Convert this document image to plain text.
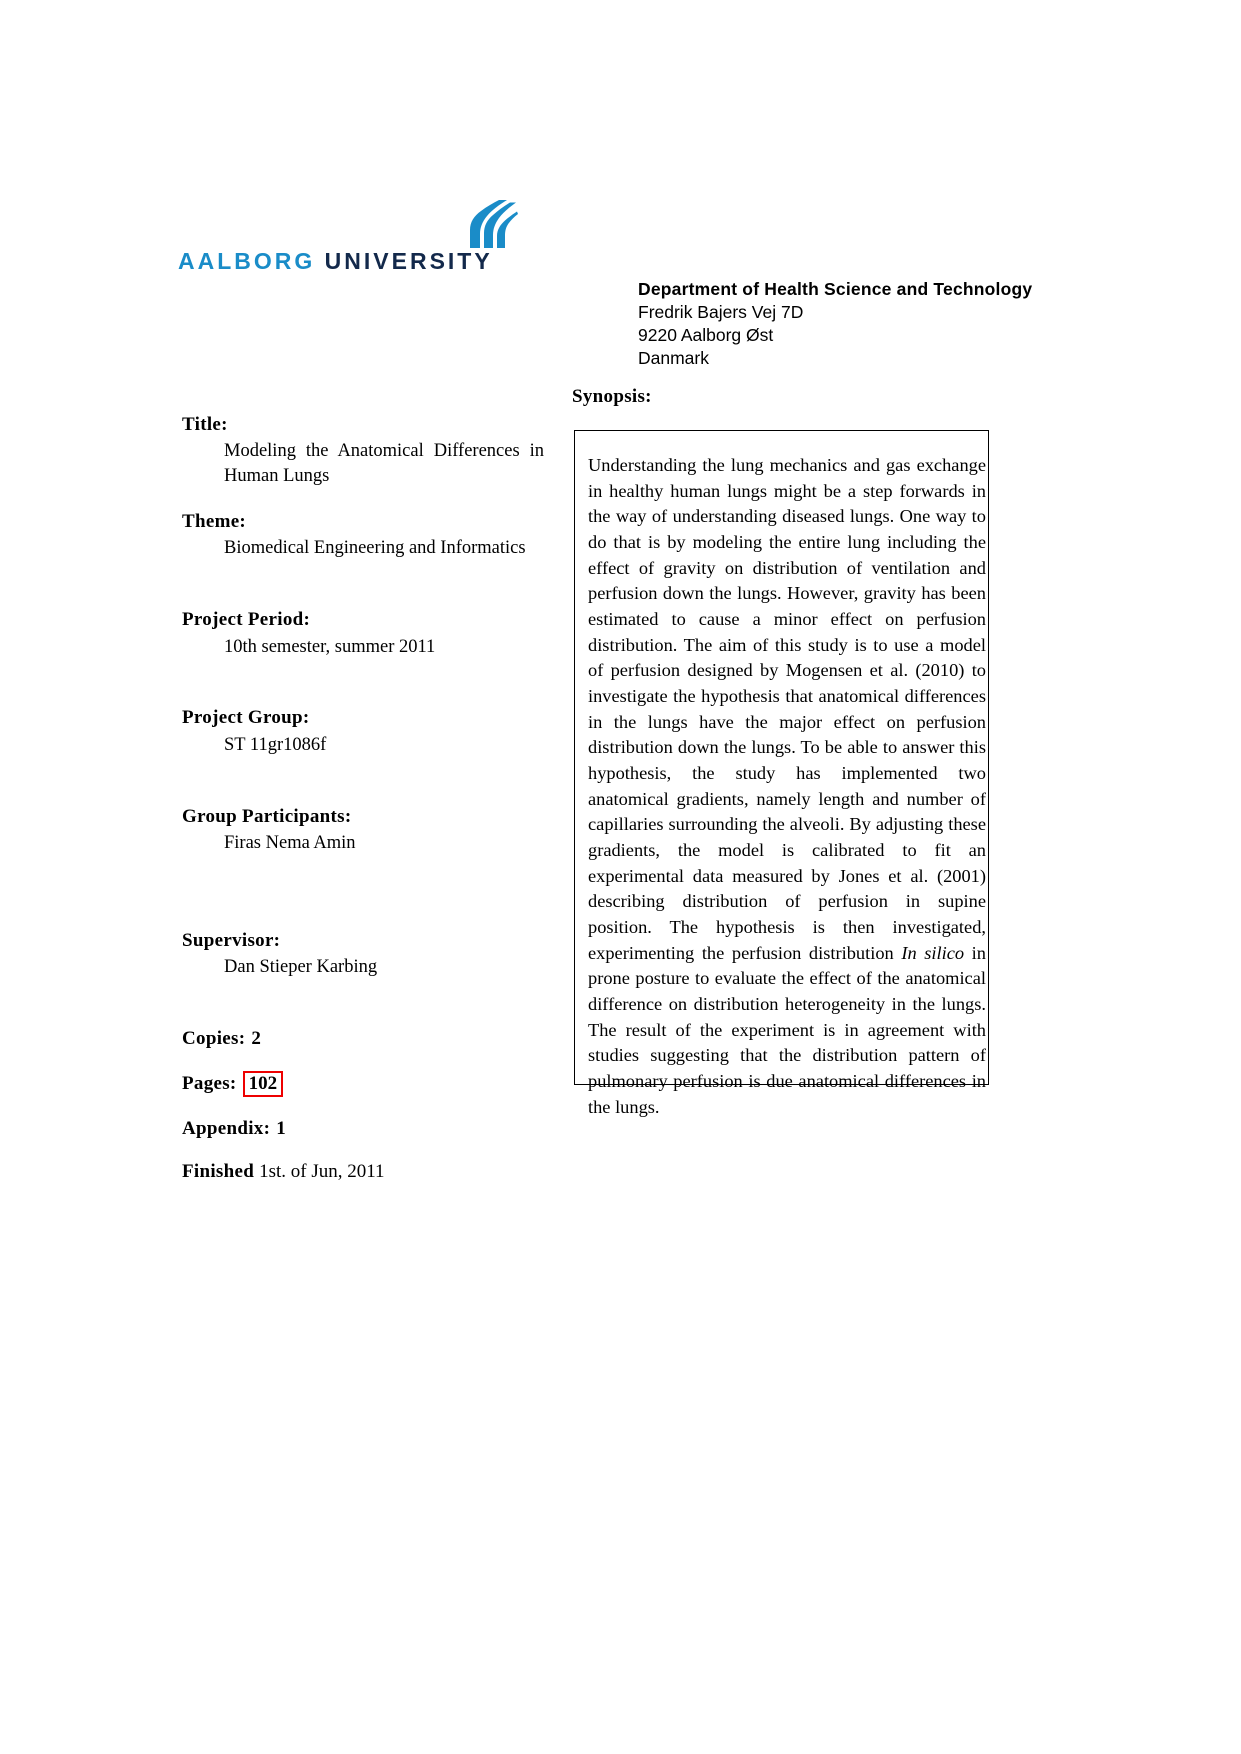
AALBORG UNIVERSITY
Department of Health Science and Technology
Fredrik Bajers Vej 7D
9220 Aalborg Øst
Danmark
Title:
Modeling the Anatomical Differences in Human Lungs
Theme:
Biomedical Engineering and Informatics
Project Period:
10th semester, summer 2011
Project Group:
ST 11gr1086f
Group Participants:
Firas Nema Amin
Supervisor:
Dan Stieper Karbing
Copies: 2
Pages: 102
Appendix: 1
Finished 1st. of Jun, 2011
Synopsis:
Understanding the lung mechanics and gas exchange in healthy human lungs might be a step forwards in the way of understanding diseased lungs. One way to do that is by modeling the entire lung including the effect of gravity on distribution of ventilation and perfusion down the lungs. However, gravity has been estimated to cause a minor effect on perfusion distribution. The aim of this study is to use a model of perfusion designed by Mogensen et al. (2010) to investigate the hypothesis that anatomical differences in the lungs have the major effect on perfusion distribution down the lungs. To be able to answer this hypothesis, the study has implemented two anatomical gradients, namely length and number of capillaries surrounding the alveoli. By adjusting these gradients, the model is calibrated to fit an experimental data measured by Jones et al. (2001) describing distribution of perfusion in supine position. The hypothesis is then investigated, experimenting the perfusion distribution In silico in prone posture to evaluate the effect of the anatomical difference on distribution heterogeneity in the lungs. The result of the experiment is in agreement with studies suggesting that the distribution pattern of pulmonary perfusion is due anatomical differences in the lungs.
